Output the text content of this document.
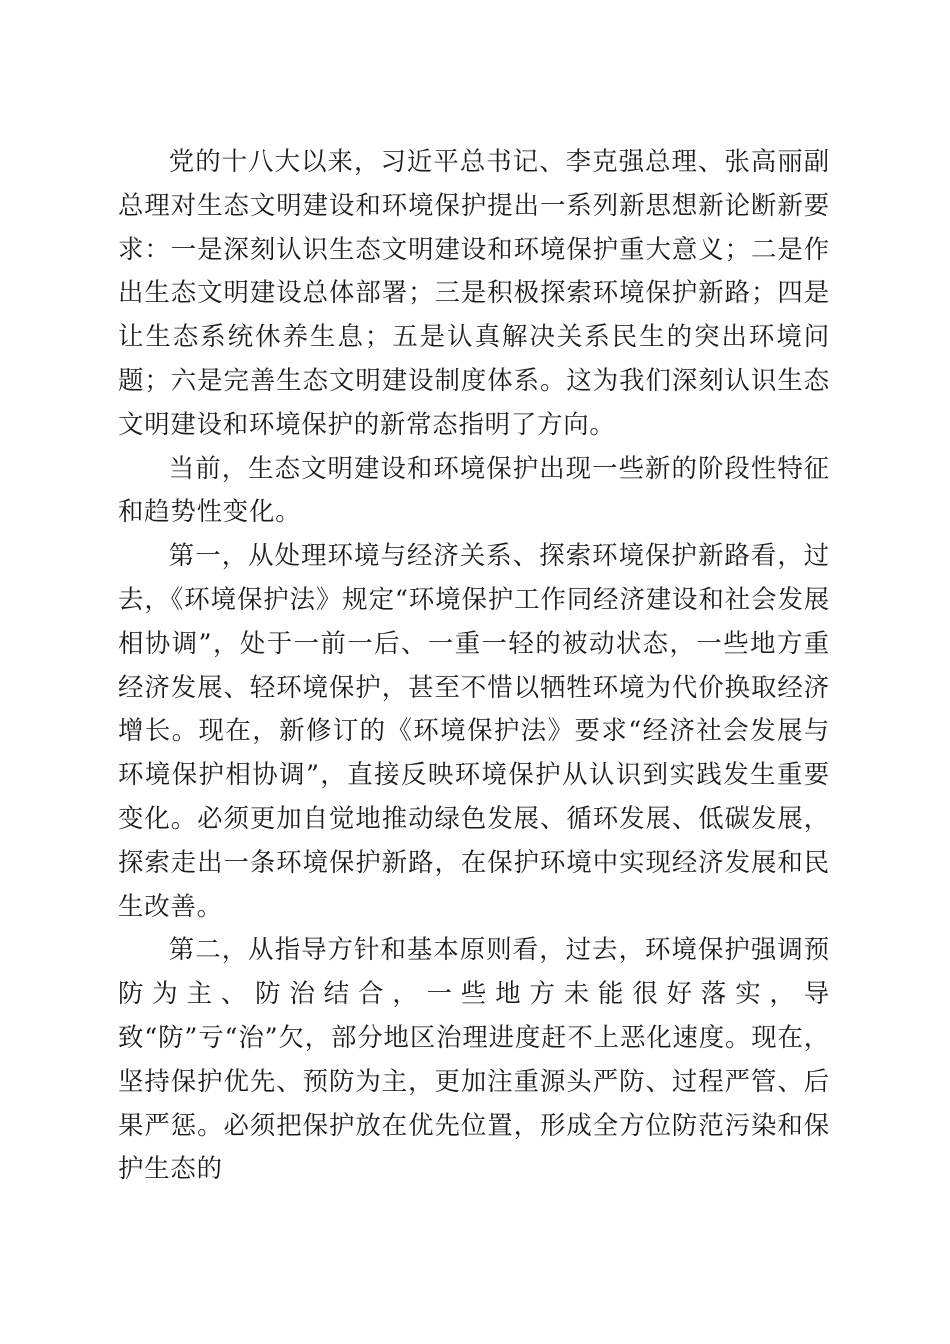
党的十八大以来，习近平总书记、李克强总理、张高丽副总理对生态文明建设和环境保护提出一系列新思想新论断新要求：一是深刻认识生态文明建设和环境保护重大意义；二是作出生态文明建设总体部署；三是积极探索环境保护新路；四是让生态系统休养生息；五是认真解决关系民生的突出环境问题；六是完善生态文明建设制度体系。这为我们深刻认识生态文明建设和环境保护的新常态指明了方向。

当前，生态文明建设和环境保护出现一些新的阶段性特征和趋势性变化。

第一，从处理环境与经济关系、探索环境保护新路看，过去，《环境保护法》规定“环境保护工作同经济建设和社会发展相协调”，处于一前一后、一重一轻的被动状态，一些地方重经济发展、轻环境保护，甚至不惜以牺牲环境为代价换取经济增长。现在，新修订的《环境保护法》要求“经济社会发展与环境保护相协调”，直接反映环境保护从认识到实践发生重要变化。必须更加自觉地推动绿色发展、循环发展、低碳发展，探索走出一条环境保护新路，在保护环境中实现经济发展和民生改善。

第二，从指导方针和基本原则看，过去，环境保护强调预防为主、防治结合，一些地方未能很好落实，导致“防”亏“治”欠，部分地区治理进度赶不上恶化速度。现在，坚持保护优先、预防为主，更加注重源头严防、过程严管、后果严惩。必须把保护放在优先位置，形成全方位防范污染和保护生态的
